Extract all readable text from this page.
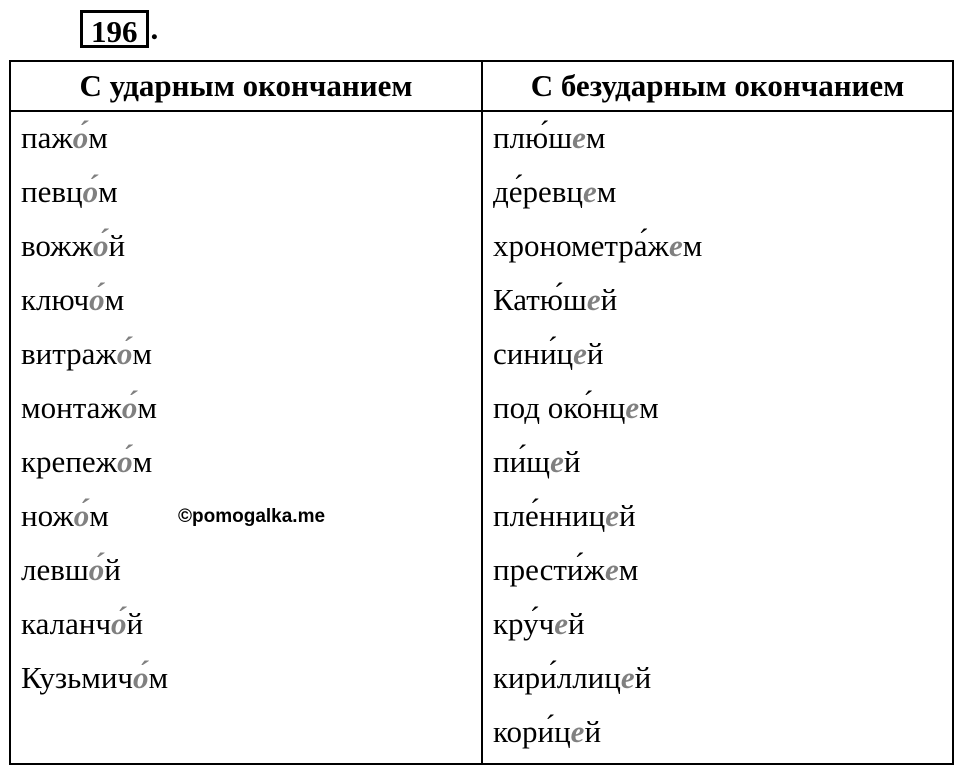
196 .
С ударным окончанием	С безударным окончанием
пажо́м
певцо́м
вожжо́й
ключо́м
витражо́м
монтажо́м
крепежо́м
ножо́м
левшо́й
каланчо́й
Кузьмичо́м
плю́шем
де́ревцем
хронометра́жем
Катю́шей
сини́цей
под око́нцем
пи́щей
пле́нницей
прести́жем
кру́чей
кири́ллицей
кори́цей
©pomogalka.me
